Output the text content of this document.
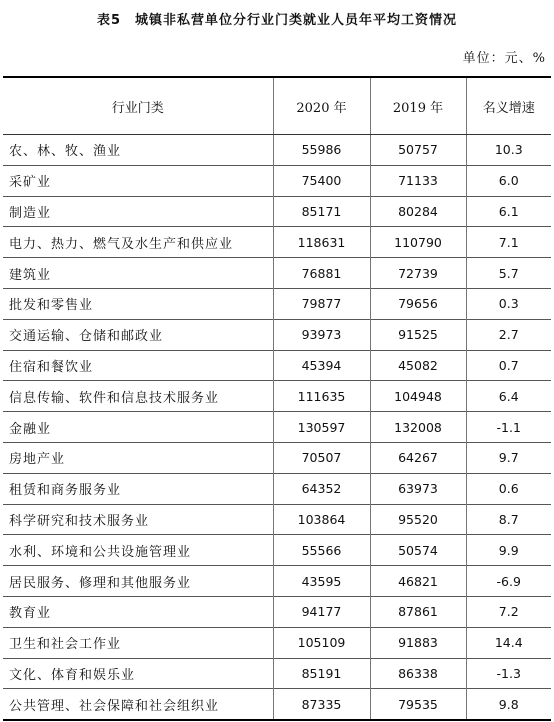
表5　城镇非私营单位分行业门类就业人员年平均工资情况
单位：元、%
行业门类	2020 年	2019 年	名义增速
农、林、牧、渔业	55986	50757	10.3
采矿业	75400	71133	6.0
制造业	85171	80284	6.1
电力、热力、燃气及水生产和供应业	118631	110790	7.1
建筑业	76881	72739	5.7
批发和零售业	79877	79656	0.3
交通运输、仓储和邮政业	93973	91525	2.7
住宿和餐饮业	45394	45082	0.7
信息传输、软件和信息技术服务业	111635	104948	6.4
金融业	130597	132008	-1.1
房地产业	70507	64267	9.7
租赁和商务服务业	64352	63973	0.6
科学研究和技术服务业	103864	95520	8.7
水利、环境和公共设施管理业	55566	50574	9.9
居民服务、修理和其他服务业	43595	46821	-6.9
教育业	94177	87861	7.2
卫生和社会工作业	105109	91883	14.4
文化、体育和娱乐业	85191	86338	-1.3
公共管理、社会保障和社会组织业	87335	79535	9.8
